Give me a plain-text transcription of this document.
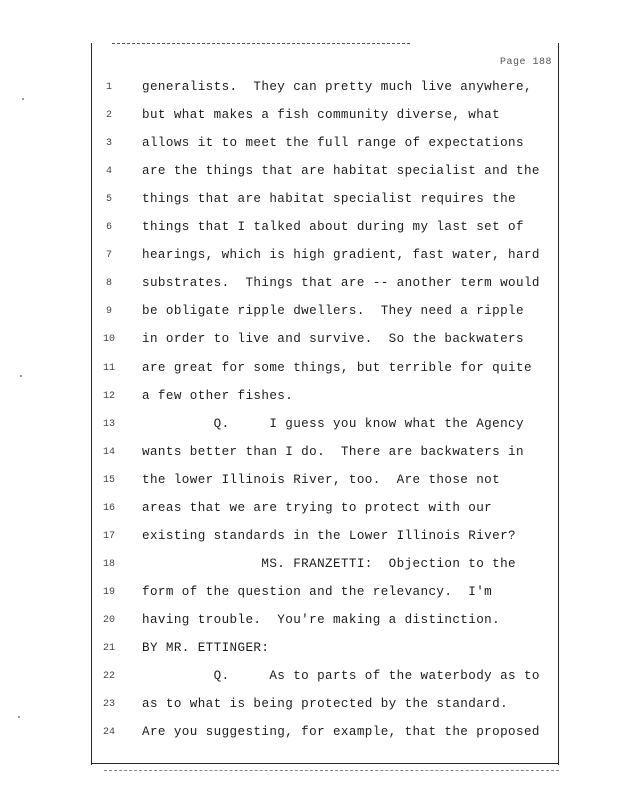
Page 188
1	generalists.  They can pretty much live anywhere,
2	but what makes a fish community diverse, what
3	allows it to meet the full range of expectations
4	are the things that are habitat specialist and the
5	things that are habitat specialist requires the
6	things that I talked about during my last set of
7	hearings, which is high gradient, fast water, hard
8	substrates.  Things that are -- another term would
9	be obligate ripple dwellers.  They need a ripple
10	in order to live and survive.  So the backwaters
11	are great for some things, but terrible for quite
12	a few other fishes.
13	Q.     I guess you know what the Agency
14	wants better than I do.  There are backwaters in
15	the lower Illinois River, too.  Are those not
16	areas that we are trying to protect with our
17	existing standards in the Lower Illinois River?
18	MS. FRANZETTI:  Objection to the
19	form of the question and the relevancy.  I'm
20	having trouble.  You're making a distinction.
21	BY MR. ETTINGER:
22	Q.     As to parts of the waterbody as to
23	as to what is being protected by the standard.
24	Are you suggesting, for example, that the proposed
